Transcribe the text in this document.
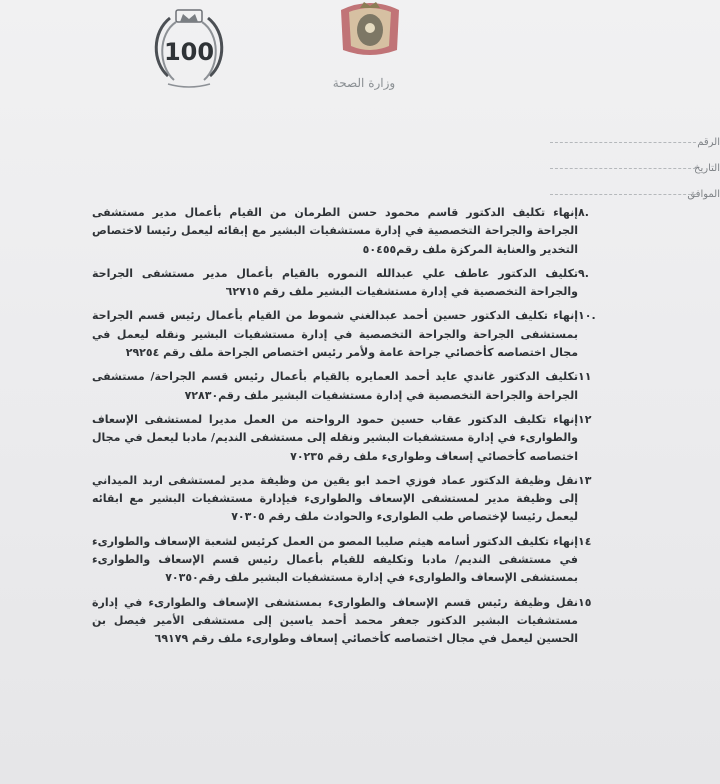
100
وزارة الصحة
الرقم
التاريخ
الموافق
٨.
إنهاء تكليف الدكتور قاسم محمود حسن الطرمان من القيام بأعمال مدير مستشفى الجراحة والجراحة التخصصية في إدارة مستشفيات البشير مع إبقائه ليعمل رئيسا لاختصاص التخدير والعناية المركزة ملف رقم٥٠٤٥٥
٩.
تكليف الدكتور عاطف علي عبدالله النموره بالقيام بأعمال مدير مستشفى الجراحة والجراحة التخصصية في إدارة مستشفيات البشير ملف رقم ٦٢٧١٥
١٠.
إنهاء تكليف الدكتور حسين أحمد عبدالغني شموط من القيام بأعمال رئيس قسم الجراحة بمستشفى الجراحة والجراحة التخصصية في إدارة مستشفيات البشير ونقله ليعمل في مجال اختصاصه كأخصائي جراحة عامة ولأمر رئيس اختصاص الجراحة ملف رقم ٢٩٢٥٤
١١
تكليف الدكتور غاندي عايد أحمد العمايره بالقيام بأعمال رئيس قسم الجراحة/ مستشفى الجراحة والجراحة التخصصية في إدارة مستشفيات البشير ملف رقم٧٢٨٣٠
١٢
إنهاء تكليف الدكتور عقاب حسين حمود الرواحنه من العمل مديرا لمستشفى الإسعاف والطوارىء في إدارة مستشفيات البشير ونقله إلى مستشفى النديم/ مادبا ليعمل في مجال اختصاصه كأخصائي إسعاف وطوارىء ملف رقم ٧٠٢٣٥
١٣
نقل وظيفة الدكتور عماد فوزي احمد ابو يقين من وظيفة مدير لمستشفى اربد الميداني إلى وظيفة مدير لمستشفى الإسعاف والطوارىء فيإدارة مستشفيات البشير مع ابقائه ليعمل رئيسا لإختصاص طب الطوارىء والحوادث ملف رقم ٧٠٣٠٥
١٤
إنهاء تكليف الدكتور أسامه هيثم صليبا المصو من العمل كرئيس لشعبة الإسعاف والطوارىء في مستشفى النديم/ مادبا وتكليفه للقيام بأعمال رئيس قسم الإسعاف والطوارىء بمستشفى الإسعاف والطوارىء في إدارة مستشفيات البشير ملف رقم٧٠٣٥٠
١٥
نقل وظيفة رئيس قسم الإسعاف والطوارىء بمستشفى الإسعاف والطوارىء في إدارة مستشفيات البشير الدكتور جعفر محمد أحمد ياسين إلى مستشفى الأمير فيصل بن الحسين ليعمل في مجال اختصاصه كأخصائي إسعاف وطوارىء ملف رقم ٦٩١٧٩
